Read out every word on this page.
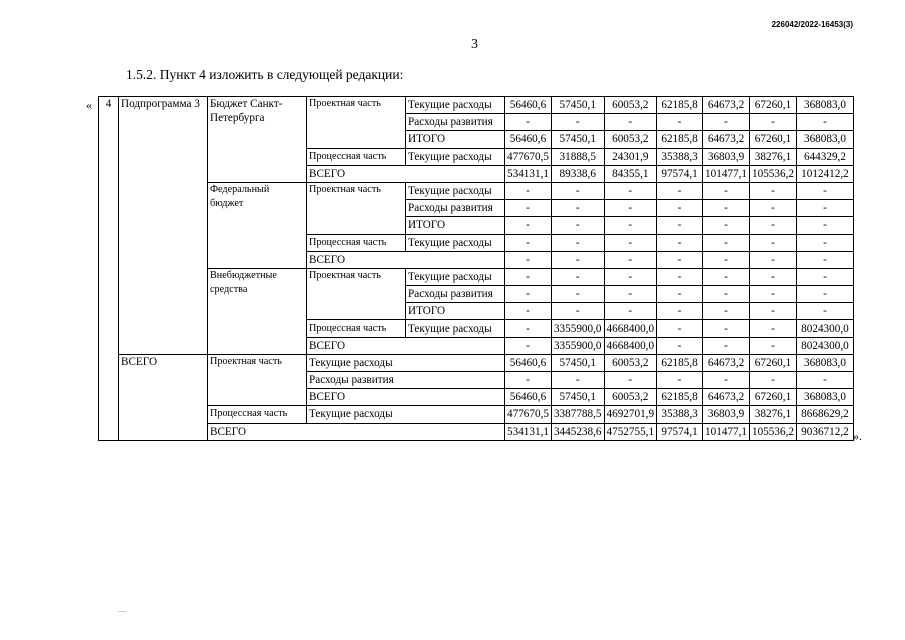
226042/2022-16453(3)
3
1.5.2. Пункт 4 изложить в следующей редакции:
« 4	Подпрограмма 3	Бюджет Санкт-Петербурга	Проектная часть	Текущие расходы	56460,6	57450,1	60053,2	62185,8	64673,2	67260,1	368083,0
				Расходы развития	-	-	-	-	-	-	-
				ИТОГО	56460,6	57450,1	60053,2	62185,8	64673,2	67260,1	368083,0
			Процессная часть	Текущие расходы	477670,5	31888,5	24301,9	35388,3	36803,9	38276,1	644329,2
			ВСЕГО		534131,1	89338,6	84355,1	97574,1	101477,1	105536,2	1012412,2
		Федеральный бюджет	Проектная часть	Текущие расходы	-	-	-	-	-	-	-
				Расходы развития	-	-	-	-	-	-	-
				ИТОГО	-	-	-	-	-	-	-
			Процессная часть	Текущие расходы	-	-	-	-	-	-	-
			ВСЕГО		-	-	-	-	-	-	-
		Внебюджетные средства	Проектная часть	Текущие расходы	-	-	-	-	-	-	-
				Расходы развития	-	-	-	-	-	-	-
				ИТОГО	-	-	-	-	-	-	-
			Процессная часть	Текущие расходы	-	3355900,0	4668400,0	-	-	-	8024300,0
			ВСЕГО		-	3355900,0	4668400,0	-	-	-	8024300,0
	ВСЕГО	Проектная часть	Текущие расходы		56460,6	57450,1	60053,2	62185,8	64673,2	67260,1	368083,0
			Расходы развития		-	-	-	-	-	-	-
			ВСЕГО		56460,6	57450,1	60053,2	62185,8	64673,2	67260,1	368083,0
		Процессная часть	Текущие расходы		477670,5	3387788,5	4692701,9	35388,3	36803,9	38276,1	8668629,2
		ВСЕГО			534131,1	3445238,6	4752755,1	97574,1	101477,1	105536,2	9036712,2 ».
